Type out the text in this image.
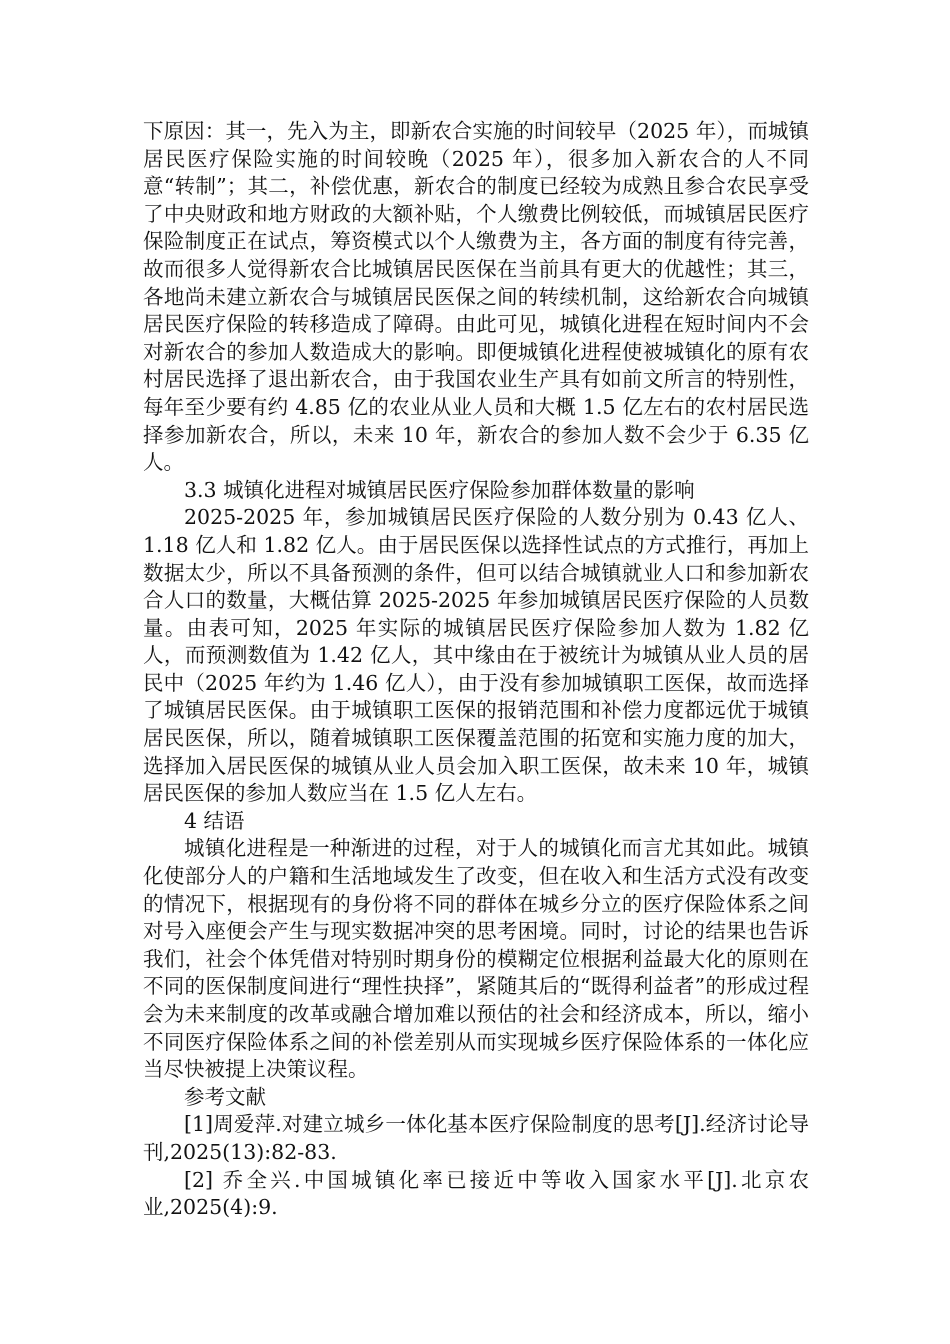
下原因：其一，先入为主，即新农合实施的时间较早（2025 年），而城镇居民医疗保险实施的时间较晚（2025 年），很多加入新农合的人不同意“转制”；其二，补偿优惠，新农合的制度已经较为成熟且参合农民享受了中央财政和地方财政的大额补贴，个人缴费比例较低，而城镇居民医疗保险制度正在试点，筹资模式以个人缴费为主，各方面的制度有待完善，故而很多人觉得新农合比城镇居民医保在当前具有更大的优越性；其三，各地尚未建立新农合与城镇居民医保之间的转续机制，这给新农合向城镇居民医疗保险的转移造成了障碍。由此可见，城镇化进程在短时间内不会对新农合的参加人数造成大的影响。即便城镇化进程使被城镇化的原有农村居民选择了退出新农合，由于我国农业生产具有如前文所言的特别性，每年至少要有约 4.85 亿的农业从业人员和大概 1.5 亿左右的农村居民选择参加新农合，所以，未来 10 年，新农合的参加人数不会少于 6.35 亿人。

3.3 城镇化进程对城镇居民医疗保险参加群体数量的影响

2025-2025 年，参加城镇居民医疗保险的人数分别为 0.43 亿人、1.18 亿人和 1.82 亿人。由于居民医保以选择性试点的方式推行，再加上数据太少，所以不具备预测的条件，但可以结合城镇就业人口和参加新农合人口的数量，大概估算 2025-2025 年参加城镇居民医疗保险的人员数量。由表可知，2025 年实际的城镇居民医疗保险参加人数为 1.82 亿人，而预测数值为 1.42 亿人，其中缘由在于被统计为城镇从业人员的居民中（2025 年约为 1.46 亿人），由于没有参加城镇职工医保，故而选择了城镇居民医保。由于城镇职工医保的报销范围和补偿力度都远优于城镇居民医保，所以，随着城镇职工医保覆盖范围的拓宽和实施力度的加大，选择加入居民医保的城镇从业人员会加入职工医保，故未来 10 年，城镇居民医保的参加人数应当在 1.5 亿人左右。

4 结语

城镇化进程是一种渐进的过程，对于人的城镇化而言尤其如此。城镇化使部分人的户籍和生活地域发生了改变，但在收入和生活方式没有改变的情况下，根据现有的身份将不同的群体在城乡分立的医疗保险体系之间对号入座便会产生与现实数据冲突的思考困境。同时，讨论的结果也告诉我们，社会个体凭借对特别时期身份的模糊定位根据利益最大化的原则在不同的医保制度间进行“理性抉择”，紧随其后的“既得利益者”的形成过程会为未来制度的改革或融合增加难以预估的社会和经济成本，所以，缩小不同医疗保险体系之间的补偿差别从而实现城乡医疗保险体系的一体化应当尽快被提上决策议程。

参考文献

[1]周爱萍.对建立城乡一体化基本医疗保险制度的思考[J].经济讨论导刊,2025(13):82-83.

[2] 乔全兴.中国城镇化率已接近中等收入国家水平[J].北京农业,2025(4):9.
